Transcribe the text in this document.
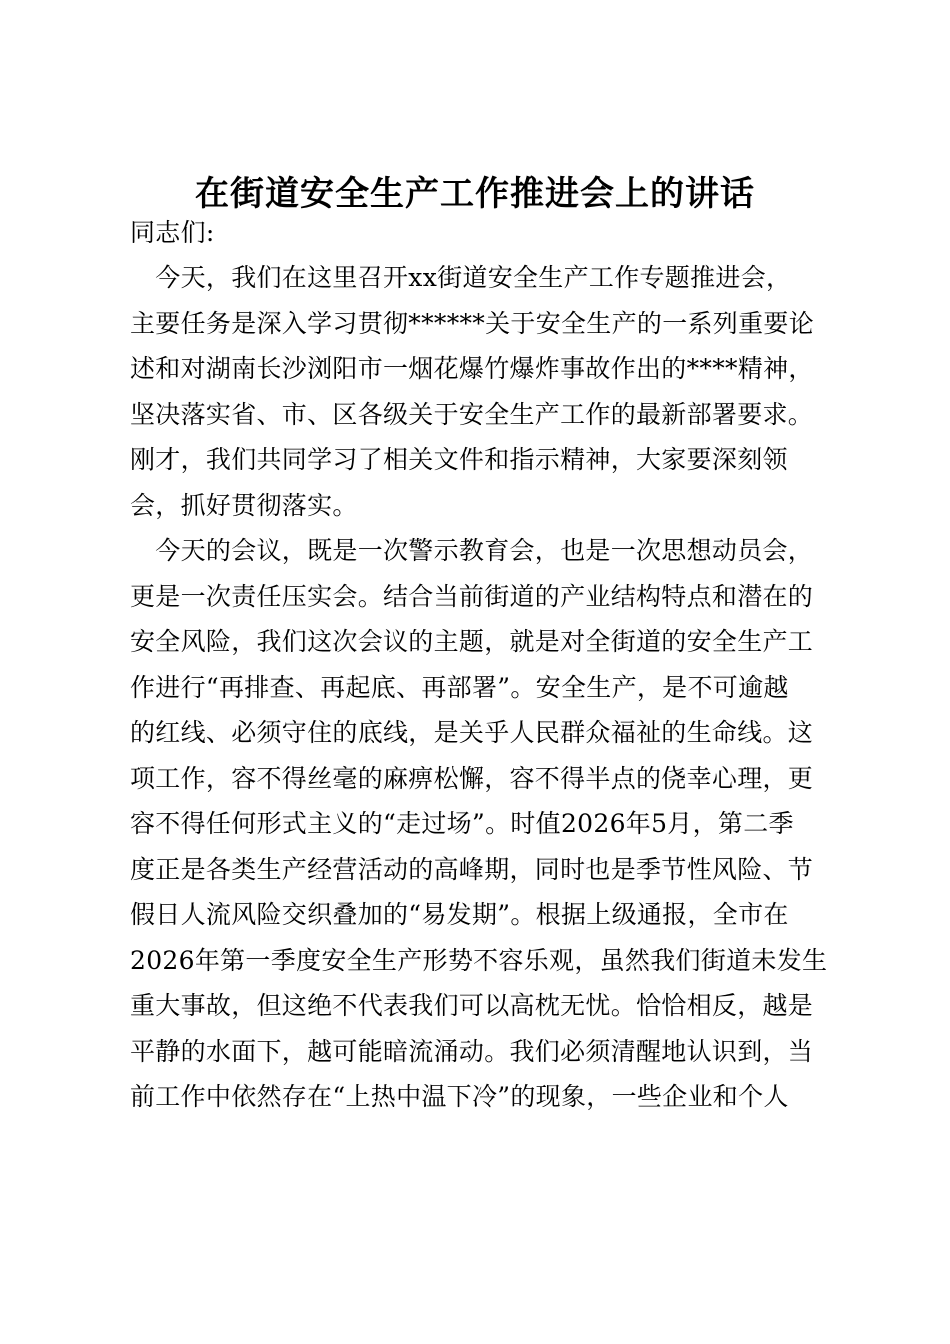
在街道安全生产工作推进会上的讲话
同志们:
　今天，我们在这里召开xx街道安全生产工作专题推进会，
主要任务是深入学习贯彻******关于安全生产的一系列重要论
述和对湖南长沙浏阳市一烟花爆竹爆炸事故作出的****精神，
坚决落实省、市、区各级关于安全生产工作的最新部署要求。
刚才，我们共同学习了相关文件和指示精神，大家要深刻领
会，抓好贯彻落实。
　今天的会议，既是一次警示教育会，也是一次思想动员会，
更是一次责任压实会。结合当前街道的产业结构特点和潜在的
安全风险，我们这次会议的主题，就是对全街道的安全生产工
作进行“再排查、再起底、再部署”。安全生产，是不可逾越
的红线、必须守住的底线，是关乎人民群众福祉的生命线。这
项工作，容不得丝毫的麻痹松懈，容不得半点的侥幸心理，更
容不得任何形式主义的“走过场”。时值2026年5月，第二季
度正是各类生产经营活动的高峰期，同时也是季节性风险、节
假日人流风险交织叠加的“易发期”。根据上级通报，全市在
2026年第一季度安全生产形势不容乐观，虽然我们街道未发生
重大事故，但这绝不代表我们可以高枕无忧。恰恰相反，越是
平静的水面下，越可能暗流涌动。我们必须清醒地认识到，当
前工作中依然存在“上热中温下冷”的现象，一些企业和个人
